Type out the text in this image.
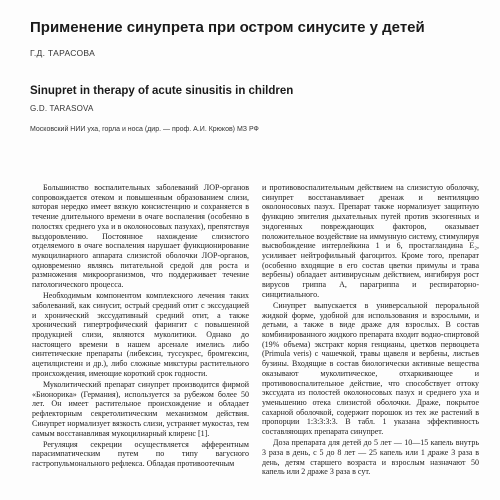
Применение синупрета при остром синусите у детей
Г.Д. ТАРАСОВА
Sinupret in therapy of acute sinusitis in children
G.D. TARASOVA
Московский НИИ уха, горла и носа (дир. — проф. А.И. Крюков) МЗ РФ

Большинство воспалительных заболеваний ЛОР-органов сопровождается отеком и повышенным образованием слизи, которая нередко имеет вязкую консистенцию и сохраняется в течение длительного времени в очаге воспаления (особенно в полостях среднего уха и в околоносовых пазухах), препятствуя выздоровлению. Постоянное нахождение слизистого отделяемого в очаге воспаления нарушает функционирование мукоцилиарного аппарата слизистой оболочки ЛОР-органов, одновременно являясь питательной средой для роста и размножения микроорганизмов, что поддерживает течение патологического процесса.

Необходимым компонентом комплексного лечения таких заболеваний, как синусит, острый средний отит с экссудацией и хронический экссудативный средний отит, а также хронический гипертрофический фарингит с повышенной продукцией слизи, являются муколитики. Однако до настоящего времени в нашем арсенале имелись либо синтетические препараты (либексин, туссукрес, бромгексин, ацетилцистеин и др.), либо сложные микстуры растительного происхождения, имеющие короткий срок годности.

Муколитический препарат синупрет производится фирмой «Бионорика» (Германия), используется за рубежом более 50 лет. Он имеет растительное происхождение и обладает рефлекторным секретолитическим механизмом действия. Синупрет нормализует вязкость слизи, устраняет мукостаз, тем самым восстанавливая мукоцилиарный клиренс [1].

Регуляция секреции осуществляется афферентным парасимпатическим путем по типу вагусного гастропульмонального рефлекса. Обладая противоотечным

и противовоспалительным действием на слизистую оболочку, синупрет восстанавливает дренаж и вентиляцию околоносовых пазух. Препарат также нормализует защитную функцию эпителия дыхательных путей против экзогенных и эндогенных повреждающих факторов, оказывает положительное воздействие на иммунную систему, стимулируя высвобождение интерлейкина 1 и 6, простагландина E₂, усиливает нейтрофильный фагоцитоз. Кроме того, препарат (особенно входящие в его состав цветки примулы и трава вербены) обладает антивирусным действием, ингибируя рост вирусов гриппа A, парагриппа и респираторно-синцитиального.

Синупрет выпускается в универсальной пероральной жидкой форме, удобной для использования и взрослыми, и детьми, а также в виде драже для взрослых. В состав комбинированного жидкого препарата входит водно-спиртовой (19% объема) экстракт корня генцианы, цветков первоцвета (Primula veris) с чашечкой, травы щавеля и вербены, листьев бузины. Входящие в состав биологически активные вещества оказывают муколитическое, отхаркивающее и противовоспалительное действие, что способствует оттоку экссудата из полостей околоносовых пазух и среднего уха и уменьшению отека слизистой оболочки. Драже, покрытое сахарной оболочкой, содержит порошок из тех же растений в пропорции 1:3:3:3:3. В табл. 1 указана эффективность составляющих препарата синупрет.

Доза препарата для детей до 5 лет — 10—15 капель внутрь 3 раза в день, с 5 до 8 лет — 25 капель или 1 драже 3 раза в день, детям старшего возраста и взрослым назначают 50 капель или 2 драже 3 раза в сут.
